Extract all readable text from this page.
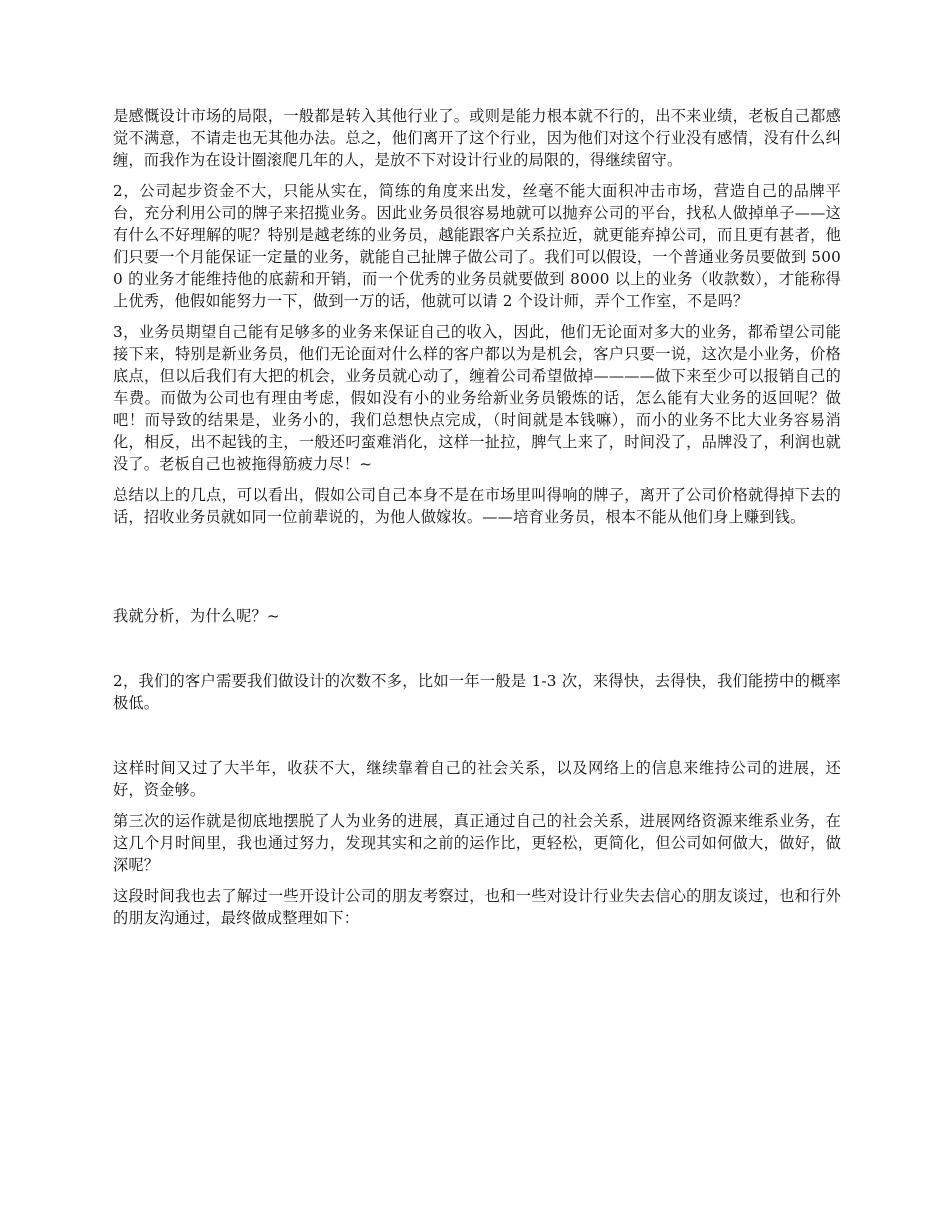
是感慨设计市场的局限，一般都是转入其他行业了。或则是能力根本就不行的，出不来业绩，老板自己都感觉不满意，不请走也无其他办法。总之，他们离开了这个行业，因为他们对这个行业没有感情，没有什么纠缠，而我作为在设计圈滚爬几年的人，是放不下对设计行业的局限的，得继续留守。

2，公司起步资金不大，只能从实在，简练的角度来出发，丝毫不能大面积冲击市场，营造自己的品牌平台，充分利用公司的牌子来招揽业务。因此业务员很容易地就可以抛弃公司的平台，找私人做掉单子——这有什么不好理解的呢？特别是越老练的业务员，越能跟客户关系拉近，就更能弃掉公司，而且更有甚者，他们只要一个月能保证一定量的业务，就能自己扯牌子做公司了。我们可以假设，一个普通业务员要做到 5000 的业务才能维持他的底薪和开销，而一个优秀的业务员就要做到 8000 以上的业务（收款数），才能称得上优秀，他假如能努力一下，做到一万的话，他就可以请 2 个设计师，弄个工作室，不是吗？

3，业务员期望自己能有足够多的业务来保证自己的收入，因此，他们无论面对多大的业务，都希望公司能接下来，特别是新业务员，他们无论面对什么样的客户都以为是机会，客户只要一说，这次是小业务，价格底点，但以后我们有大把的机会，业务员就心动了，缠着公司希望做掉————做下来至少可以报销自己的车费。而做为公司也有理由考虑，假如没有小的业务给新业务员锻炼的话，怎么能有大业务的返回呢？做吧！而导致的结果是，业务小的，我们总想快点完成，（时间就是本钱嘛），而小的业务不比大业务容易消化，相反，出不起钱的主，一般还叼蛮难消化，这样一扯拉，脾气上来了，时间没了，品牌没了，利润也就没了。老板自己也被拖得筋疲力尽！~

总结以上的几点，可以看出，假如公司自己本身不是在市场里叫得响的牌子，离开了公司价格就得掉下去的话，招收业务员就如同一位前辈说的，为他人做嫁妆。——培育业务员，根本不能从他们身上赚到钱。

我就分析，为什么呢？~

2，我们的客户需要我们做设计的次数不多，比如一年一般是 1-3 次，来得快，去得快，我们能捞中的概率极低。

这样时间又过了大半年，收获不大，继续靠着自己的社会关系，以及网络上的信息来维持公司的进展，还好，资金够。

第三次的运作就是彻底地摆脱了人为业务的进展，真正通过自己的社会关系，进展网络资源来维系业务，在这几个月时间里，我也通过努力，发现其实和之前的运作比，更轻松，更简化，但公司如何做大，做好，做深呢？

这段时间我也去了解过一些开设计公司的朋友考察过，也和一些对设计行业失去信心的朋友谈过，也和行外的朋友沟通过，最终做成整理如下：
